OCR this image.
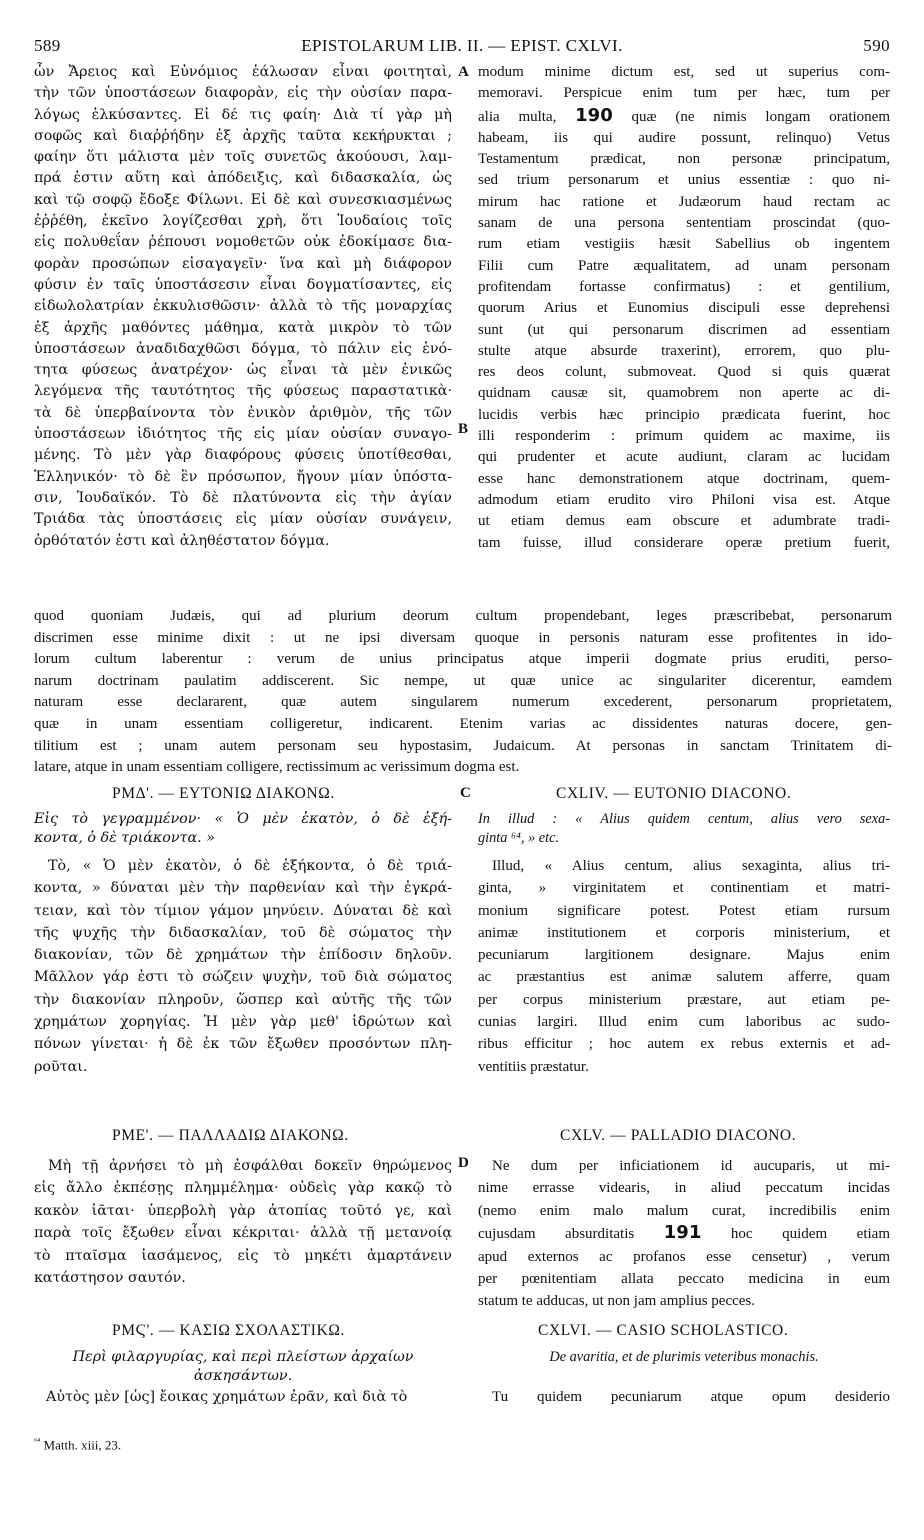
589	EPISTOLARUM LIB. II. — EPIST. CXLVI.	590
ὧν Ἄρειος καὶ Εὐνόμιος ἑάλωσαν εἶναι φοιτηταὶ,
τὴν τῶν ὑποστάσεων διαφορὰν, εἰς τὴν οὐσίαν παρα-
λόγως ἑλκύσαντες. Εἰ δέ τις φαίη· Διὰ τί γὰρ μὴ
σοφῶς καὶ διαῤῥήδην ἐξ ἀρχῆς ταῦτα κεκήρυκται ;
φαίην ὅτι μάλιστα μὲν τοῖς συνετῶς ἀκούουσι, λαμ-
πρά ἐστιν αὕτη καὶ ἀπόδειξις, καὶ διδασκαλία, ὡς
καὶ τῷ σοφῷ ἔδοξε Φίλωνι. Εἰ δὲ καὶ συνεσκιασμένως
ἐῤῥέθη, ἐκεῖνο λογίζεσθαι χρὴ, ὅτι Ἰουδαίοις τοῖς
εἰς πολυθεΐαν ῥέπουσι νομοθετῶν οὐκ ἐδοκίμασε δια-
φορὰν προσώπων εἰσαγαγεῖν· ἵνα καὶ μὴ διάφορον
φύσιν ἐν ταῖς ὑποστάσεσιν εἶναι δογματίσαντες, εἰς
εἰδωλολατρίαν ἐκκυλισθῶσιν· ἀλλὰ τὸ τῆς μοναρχίας
ἐξ ἀρχῆς μαθόντες μάθημα, κατὰ μικρὸν τὸ τῶν
ὑποστάσεων ἀναδιδαχθῶσι δόγμα, τὸ πάλιν εἰς ἑνό-
τητα φύσεως ἀνατρέχον· ὡς εἶναι τὰ μὲν ἐνικῶς
λεγόμενα τῆς ταυτότητος τῆς φύσεως παραστατικὰ·
τὰ δὲ ὑπερβαίνοντα τὸν ἐνικὸν ἀριθμὸν, τῆς τῶν
ὑποστάσεων ἰδιότητος τῆς εἰς μίαν οὐσίαν συναγο-
μένης. Τὸ μὲν γὰρ διαφόρους φύσεις ὑποτίθεσθαι,
Ἑλληνικόν· τὸ δὲ ἓν πρόσωπον, ἤγουν μίαν ὑπόστα-
σιν, Ἰουδαϊκόν. Τὸ δὲ πλατύνοντα εἰς τὴν ἁγίαν
Τριάδα τὰς ὑποστάσεις εἰς μίαν οὐσίαν συνάγειν,
ὀρθότατόν ἐστι καὶ ἀληθέστατον δόγμα.
modum minime dictum est, sed ut superius com-
memoravi. Perspicue enim tum per hæc, tum per
alia multa, 190 quæ (ne nimis longam orationem
habeam, iis qui audire possunt, relinquo) Vetus
Testamentum prædicat, non personæ principatum,
sed trium personarum et unius essentiæ : quo ni-
mirum hac ratione et Judæorum haud rectam ac
sanam de una persona sententiam proscindat (quo-
rum etiam vestigiis hæsit Sabellius ob ingentem
Filii cum Patre æqualitatem, ad unam personam
profitendam fortasse confirmatus) : et gentilium,
quorum Arius et Eunomius discipuli esse deprehensi
sunt (ut qui personarum discrimen ad essentiam
stulte atque absurde traxerint), errorem, quo plu-
res deos colunt, submoveat. Quod si quis quærat
quidnam causæ sit, quamobrem non aperte ac di-
lucidis verbis hæc principio prædicata fuerint, hoc
illi responderim : primum quidem ac maxime, iis
qui prudenter et acute audiunt, claram ac lucidam
esse hanc demonstrationem atque doctrinam, quem-
admodum etiam erudito viro Philoni visa est. Atque
ut etiam demus eam obscure et adumbrate tradi-
tam fuisse, illud considerare operæ pretium fuerit,
A
B
quod quoniam Judæis, qui ad plurium deorum cultum propendebant, leges præscribebat, personarum
discrimen esse minime dixit : ut ne ipsi diversam quoque in personis naturam esse profitentes in ido-
lorum cultum laberentur : verum de unius principatus atque imperii dogmate prius eruditi, perso-
narum doctrinam paulatim addiscerent. Sic nempe, ut quæ unice ac singulariter dicerentur, eamdem
naturam esse declararent, quæ autem singularem numerum excederent, personarum proprietatem,
quæ in unam essentiam colligeretur, indicarent. Etenim varias ac dissidentes naturas docere, gen-
tilitium est ; unam autem personam seu hypostasim, Judaicum. At personas in sanctam Trinitatem di-
latare, atque in unam essentiam colligere, rectissimum ac verissimum dogma est.
ΡΜΔ'. — ΕΥΤΟΝΙΩ ΔΙΑΚΟΝΩ.	C	CXLIV. — EUTONIO DIACONO.
Εἰς τὸ γεγραμμένον· « Ὁ μὲν ἑκατὸν, ὁ δὲ ἑξή-
κοντα, ὁ δὲ τριάκοντα. »
In illud : « Alius quidem centum, alius vero sexa-
ginta ⁶⁴, » etc.
Τὸ, « Ὁ μὲν ἑκατὸν, ὁ δὲ ἑξήκοντα, ὁ δὲ τριά-
κοντα, » δύναται μὲν τὴν παρθενίαν καὶ τὴν ἐγκρά-
τειαν, καὶ τὸν τίμιον γάμον μηνύειν. Δύναται δὲ καὶ
τῆς ψυχῆς τὴν διδασκαλίαν, τοῦ δὲ σώματος τὴν
διακονίαν, τῶν δὲ χρημάτων τὴν ἐπίδοσιν δηλοῦν.
Μᾶλλον γάρ ἐστι τὸ σώζειν ψυχὴν, τοῦ διὰ σώματος
τὴν διακονίαν πληροῦν, ὥσπερ καὶ αὐτῆς τῆς τῶν
χρημάτων χορηγίας. Ἡ μὲν γὰρ μεθ' ἱδρώτων καὶ
πόνων γίνεται· ἡ δὲ ἐκ τῶν ἔξωθεν προσόντων πλη-
ροῦται.
Illud, « Alius centum, alius sexaginta, alius tri-
ginta, » virginitatem et continentiam et matri-
monium significare potest. Potest etiam rursum
animæ institutionem et corporis ministerium, et
pecuniarum largitionem designare. Majus enim
ac præstantius est animæ salutem afferre, quam
per corpus ministerium præstare, aut etiam pe-
cunias largiri. Illud enim cum laboribus ac sudo-
ribus efficitur ; hoc autem ex rebus externis et ad-
ventitiis præstatur.
ΡΜΕ'. — ΠΑΛΛΑΔΙΩ ΔΙΑΚΟΝΩ.	CXLV. — PALLADIO DIACONO.
D
Μὴ τῇ ἀρνήσει τὸ μὴ ἐσφάλθαι δοκεῖν θηρώμενος
εἰς ἄλλο ἐκπέσῃς πλημμέλημα· οὐδεὶς γὰρ κακῷ τὸ
κακὸν ἰᾶται· ὑπερβολὴ γὰρ ἀτοπίας τοῦτό γε, καὶ
παρὰ τοῖς ἔξωθεν εἶναι κέκριται· ἀλλὰ τῇ μετανοίᾳ
τὸ πταῖσμα ἰασάμενος, εἰς τὸ μηκέτι ἁμαρτάνειν
κατάστησον σαυτόν.
Ne dum per inficiationem id aucuparis, ut mi-
nime errasse videaris, in aliud peccatum incidas
(nemo enim malo malum curat, incredibilis enim
cujusdam absurditatis 191 hoc quidem etiam
apud externos ac profanos esse censetur) , verum
per pœnitentiam allata peccato medicina in eum
statum te adducas, ut non jam amplius pecces.
ΡΜϚ'. — ΚΑΣΙΩ ΣΧΟΛΑΣΤΙΚΩ.	CXLVI. — CASIO SCHOLASTICO.
Περὶ φιλαργυρίας, καὶ περὶ πλείστων ἀρχαίων
ἀσκησάντων.
De avaritia, et de plurimis veteribus monachis.
Αὐτὸς μὲν [ὡς] ἔοικας χρημάτων ἐρᾶν, καὶ διὰ τὸ	Tu quidem pecuniarum atque opum desiderio
$^{^{64}}$ Matth. xiii, 23.
